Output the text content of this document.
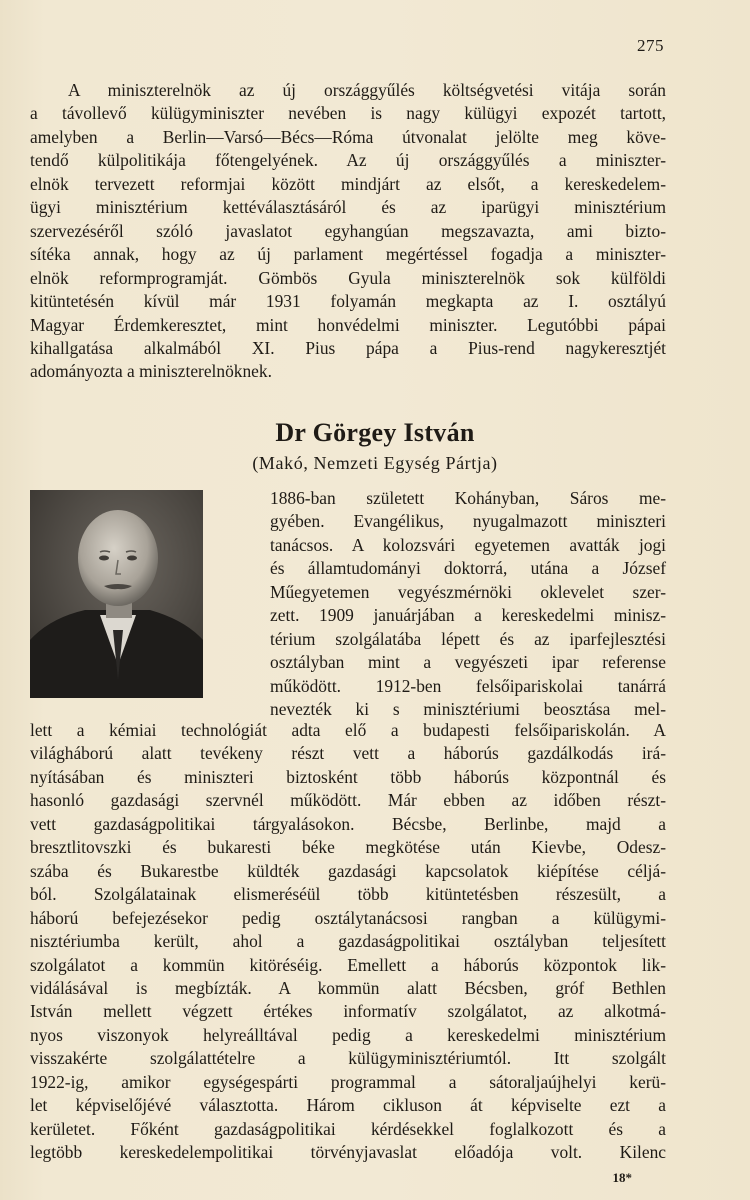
275
A miniszterelnök az új országgyűlés költségvetési vitája során
a távollevő külügyminiszter nevében is nagy külügyi expozét tartott,
amelyben a Berlin—Varsó—Bécs—Róma útvonalat jelölte meg köve-
tendő külpolitikája főtengelyének. Az új országgyűlés a miniszter-
elnök tervezett reformjai között mindjárt az elsőt, a kereskedelem-
ügyi minisztérium kettéválasztásáról és az iparügyi minisztérium
szervezéséről szóló javaslatot egyhangúan megszavazta, ami bizto-
sítéka annak, hogy az új parlament megértéssel fogadja a miniszter-
elnök reformprogramját. Gömbös Gyula miniszterelnök sok külföldi
kitüntetésén kívül már 1931 folyamán megkapta az I. osztályú
Magyar Érdemkeresztet, mint honvédelmi miniszter. Legutóbbi pápai
kihallgatása alkalmából XI. Pius pápa a Pius-rend nagykeresztjét
adományozta a miniszterelnöknek.
Dr Görgey István
(Makó, Nemzeti Egység Pártja)
1886-ban született Kohányban, Sáros me-
gyében. Evangélikus, nyugalmazott miniszteri
tanácsos. A kolozsvári egyetemen avatták jogi
és államtudományi doktorrá, utána a József
Műegyetemen vegyészmérnöki oklevelet szer-
zett. 1909 januárjában a kereskedelmi minisz-
térium szolgálatába lépett és az iparfejlesztési
osztályban mint a vegyészeti ipar referense
működött. 1912-ben felsőipariskolai tanárrá
nevezték ki s minisztériumi beosztása mel-
lett a kémiai technológiát adta elő a budapesti felsőipariskolán. A
világháború alatt tevékeny részt vett a háborús gazdálkodás irá-
nyításában és miniszteri biztosként több háborús központnál és
hasonló gazdasági szervnél működött. Már ebben az időben részt-
vett gazdaságpolitikai tárgyalásokon. Bécsbe, Berlinbe, majd a
bresztlitovszki és bukaresti béke megkötése után Kievbe, Odesz-
szába és Bukarestbe küldték gazdasági kapcsolatok kiépítése céljá-
ból. Szolgálatainak elismeréséül több kitüntetésben részesült, a
háború befejezésekor pedig osztálytanácsosi rangban a külügymi-
nisztériumba került, ahol a gazdaságpolitikai osztályban teljesített
szolgálatot a kommün kitöréséig. Emellett a háborús központok lik-
vidálásával is megbízták. A kommün alatt Bécsben, gróf Bethlen
István mellett végzett értékes informatív szolgálatot, az alkotmá-
nyos viszonyok helyreálltával pedig a kereskedelmi minisztérium
visszakérte szolgálattételre a külügyminisztériumtól. Itt szolgált
1922-ig, amikor egységespárti programmal a sátoraljaújhelyi kerü-
let képviselőjévé választotta. Három cikluson át képviselte ezt a
kerületet. Főként gazdaságpolitikai kérdésekkel foglalkozott és a
legtöbb kereskedelempolitikai törvényjavaslat előadója volt. Kilenc
18*
